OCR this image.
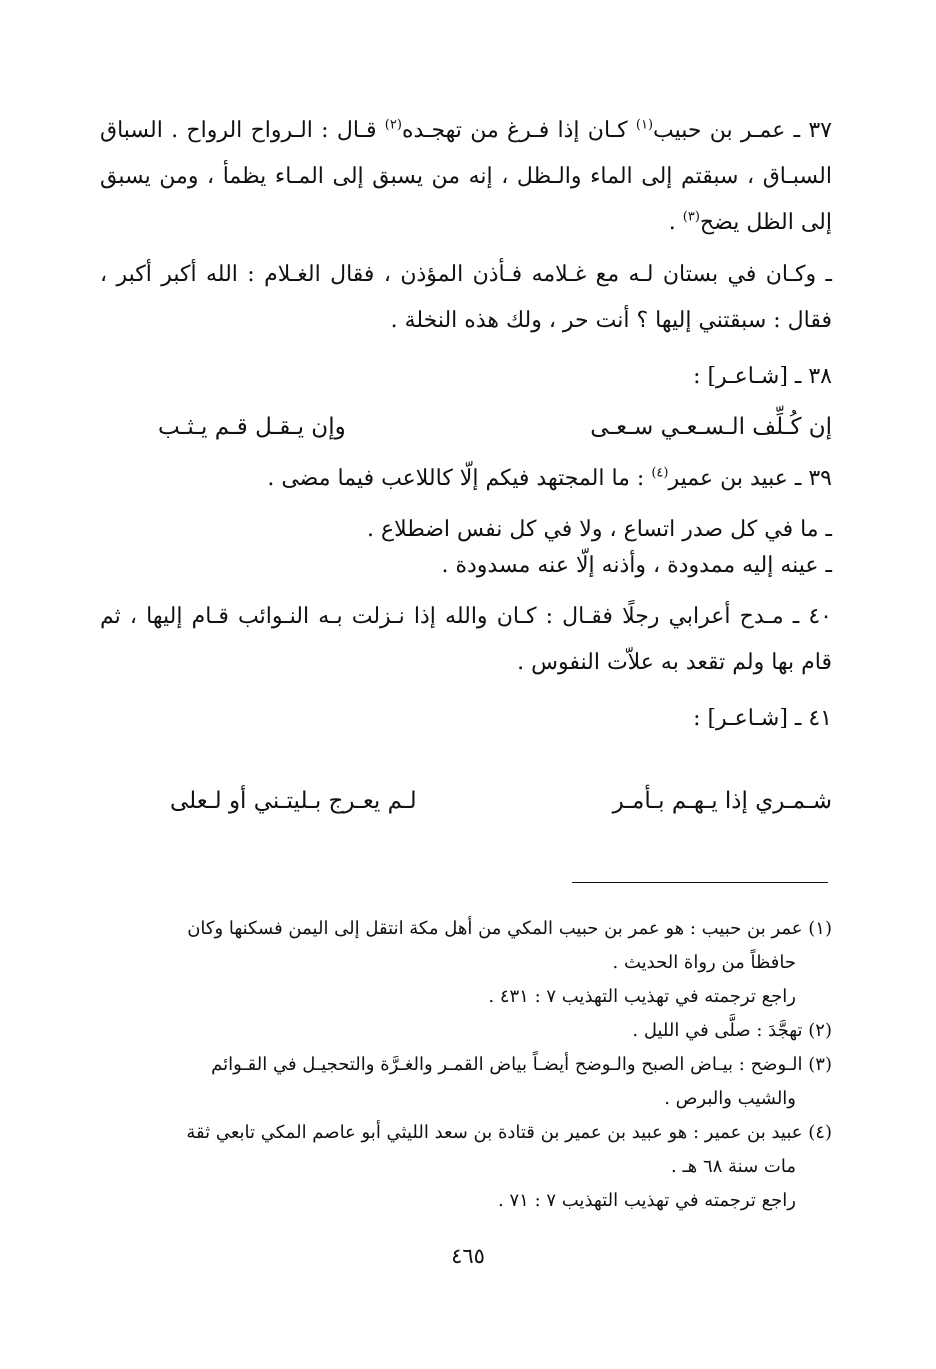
٣٧ ـ عمـر بن حبيب$^{(١)}$ كـان إذا فـرغ من تهجـده$^{(٢)}$ قـال : الـرواح الرواح . السباق السبـاق ، سبقتم إلى الماء والـظل ، إنه من يسبق إلى المـاء يظمأ ، ومن يسبق إلى الظل يضح$^{(٣)}$ .

ـ وكـان في بستان لـه مع غـلامه فـأذن المؤذن ، فقال الغـلام : الله أكبر أكبر ، فقال : سبقتني إليها ؟ أنت حر ، ولك هذه النخلة .

٣٨ ـ [شـاعـر] :

إن كُـلِّف الـسـعـي سـعـى
وإن يـقـل قـم يـثـب

٣٩ ـ عبيد بن عمير$^{(٤)}$ : ما المجتهد فيكم إلّا كاللاعب فيما مضى .

ـ ما في كل صدر اتساع ، ولا في كل نفس اضطلاع .

ـ عينه إليه ممدودة ، وأذنه إلّا عنه مسدودة .

٤٠ ـ مـدح أعرابي رجلًا فقـال : كـان والله إذا نـزلت بـه النـوائب قـام إليها ، ثم قام بها ولم تقعد به علاّت النفوس .

٤١ ـ [شـاعـر] :

شـمـري إذا يـهـم بـأمـر
لـم يعـرج بـليتـني أو لـعلى

(١) عمر بن حبيب : هو عمر بن حبيب المكي من أهل مكة انتقل إلى اليمن فسكنها وكان
حافظاً من رواة الحديث .

راجع ترجمته في تهذيب التهذيب ٧ : ٤٣١ .

(٢) تهجَّدَ : صلَّى في الليل .

(٣) الـوضح : بيـاض الصبح والـوضح أيضـاً بياض القمـر والغـرَّة والتحجيـل في القـوائم
والشيب والبرص .

(٤) عبيد بن عمير : هو عبيد بن عمير بن قتادة بن سعد الليثي أبو عاصم المكي تابعي ثقة
مات سنة ٦٨ هـ .

راجع ترجمته في تهذيب التهذيب ٧ : ٧١ .

٤٦٥
